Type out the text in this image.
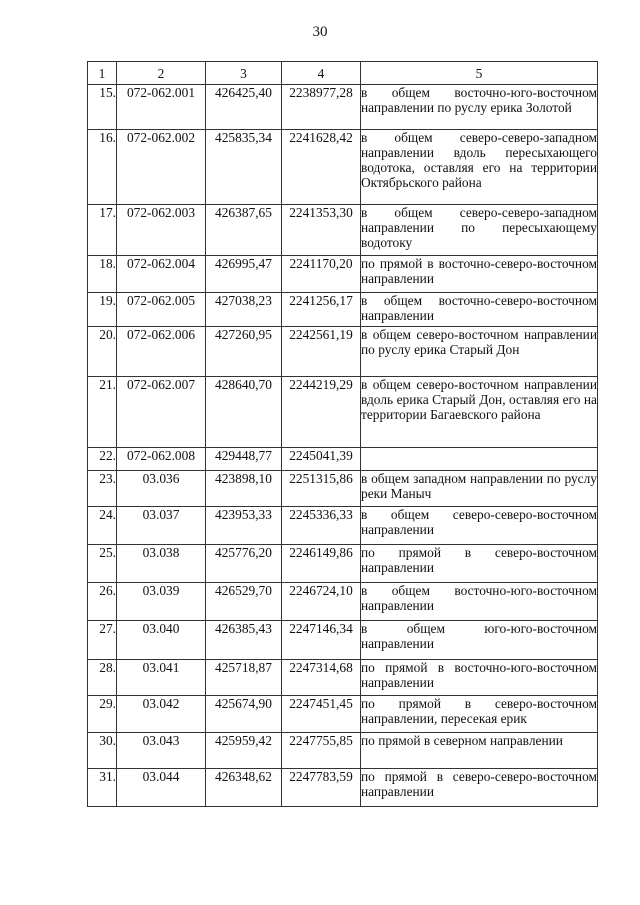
30
1	2	3	4	5
15.	072-062.001	426425,40	2238977,28	в общем восточно-юго-восточном направлении по руслу ерика Золотой
16.	072-062.002	425835,34	2241628,42	в общем северо-северо-западном направлении вдоль пересыхающего водотока, оставляя его на территории Октябрьского района
17.	072-062.003	426387,65	2241353,30	в общем северо-северо-западном направлении по пересыхающему водотоку
18.	072-062.004	426995,47	2241170,20	по прямой в восточно-северо-восточном направлении
19.	072-062.005	427038,23	2241256,17	в общем восточно-северо-восточном направлении
20.	072-062.006	427260,95	2242561,19	в общем северо-восточном направлении по руслу ерика Старый Дон
21.	072-062.007	428640,70	2244219,29	в общем северо-восточном направлении вдоль ерика Старый Дон, оставляя его на территории Багаевского района
22.	072-062.008	429448,77	2245041,39	
23.	03.036	423898,10	2251315,86	в общем западном направлении по руслу реки Маныч
24.	03.037	423953,33	2245336,33	в общем северо-северо-восточном направлении
25.	03.038	425776,20	2246149,86	по прямой в северо-восточном направлении
26.	03.039	426529,70	2246724,10	в общем восточно-юго-восточном направлении
27.	03.040	426385,43	2247146,34	в общем юго-юго-восточном направлении
28.	03.041	425718,87	2247314,68	по прямой в восточно-юго-восточном направлении
29.	03.042	425674,90	2247451,45	по прямой в северо-восточном направлении, пересекая ерик
30.	03.043	425959,42	2247755,85	по прямой в северном направлении
31.	03.044	426348,62	2247783,59	по прямой в северо-северо-восточном направлении
